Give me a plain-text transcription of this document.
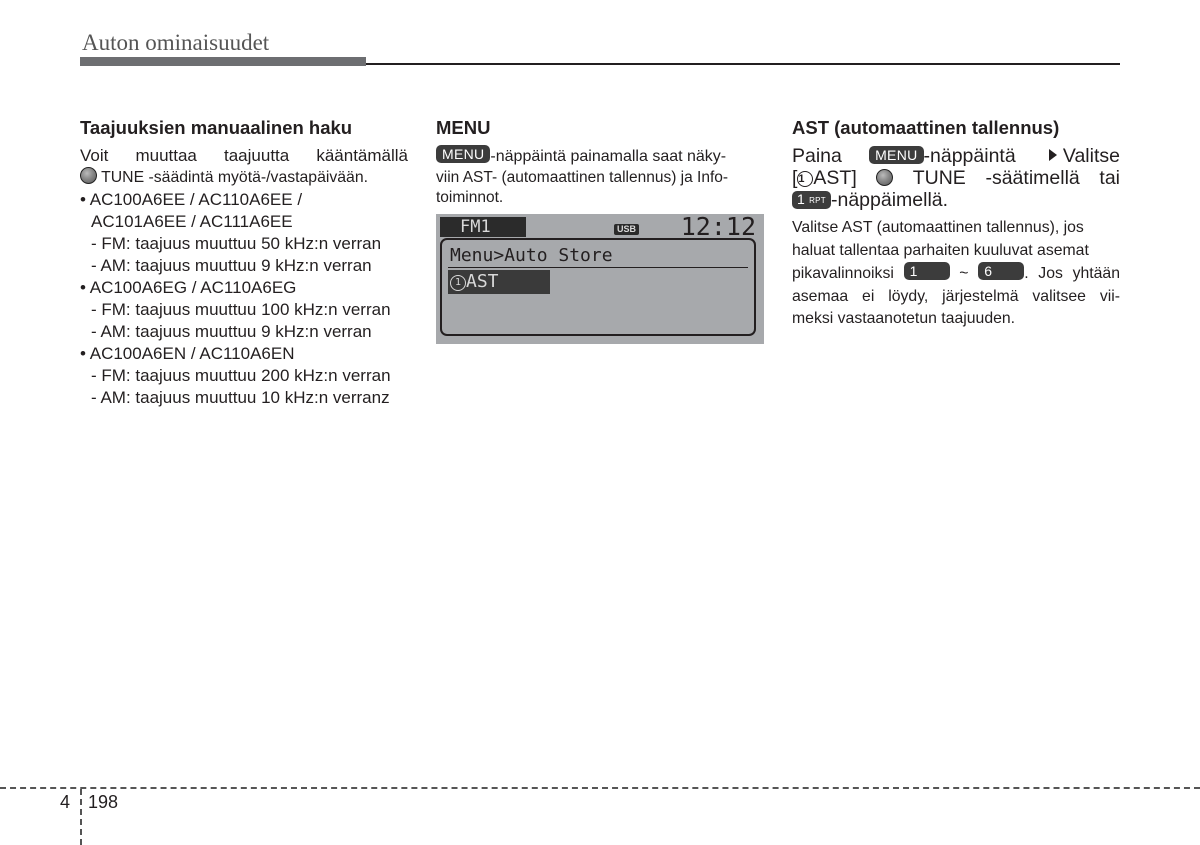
Auton ominaisuudet
Taajuuksien manuaalinen haku

Voit muuttaa taajuutta kääntämällä

TUNE -säädintä myötä-/vastapäivään.

• AC100A6EE / AC110A6EE /

AC101A6EE / AC111A6EE

- FM: taajuus muuttuu 50 kHz:n verran

- AM: taajuus muuttuu 9 kHz:n verran

• AC100A6EG / AC110A6EG

- FM: taajuus muuttuu 100 kHz:n verran

- AM: taajuus muuttuu 9 kHz:n verran

• AC100A6EN / AC110A6EN

- FM: taajuus muuttuu 200 kHz:n verran

- AM: taajuus muuttuu 10 kHz:n verranz

MENU

MENU -näppäintä painamalla saat näky-

viin AST- (automaattinen tallennus) ja Info-

toiminnot.

FM1	USB 12:12
Menu>Auto Store
1 AST
AST (automaattinen tallennus)

Paina MENU -näppäintä Valitse

[1 AST]	TUNE -säätimellä tai

1 RPT -näppäimellä.

Valitse AST (automaattinen tallennus), jos

haluat tallentaa parhaiten kuuluvat asemat

pikavalinnoiksi 1	~ 6 . Jos yhtään

asemaa ei löydy, järjestelmä valitsee vii-

meksi vastaanotetun taajuuden.

4 198
